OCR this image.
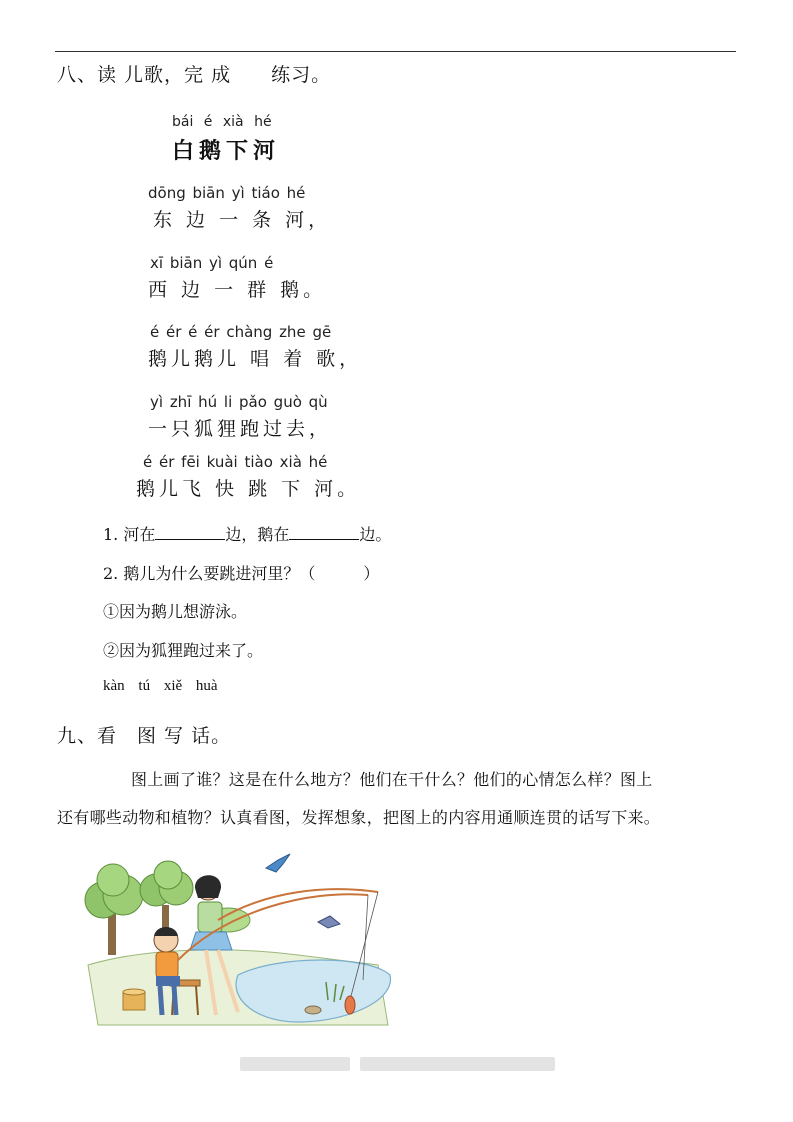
八、读 儿歌，完 成　　练习。
bái é xià hé
白鹅下河
dōng biān yì tiáo hé
东 边 一 条 河，
xī biān yì qún é
西 边 一 群 鹅。
é ér é ér chàng zhe gē
鹅儿鹅儿 唱 着 歌，
yì zhī hú li pǎo guò qù
一只狐狸跑过去，
é ér fēi kuài tiào xià hé
鹅儿飞 快 跳 下 河。
1. 河在	边，鹅在	边。
2. 鹅儿为什么要跳进河里？（	）
①因为鹅儿想游泳。
②因为狐狸跑过来了。
kàn tú xiě huà
九、看　图 写 话。
图上画了谁？这是在什么地方？他们在干什么？他们的心情怎么样？图上
还有哪些动物和植物？认真看图，发挥想象，把图上的内容用通顺连贯的话写下来。
